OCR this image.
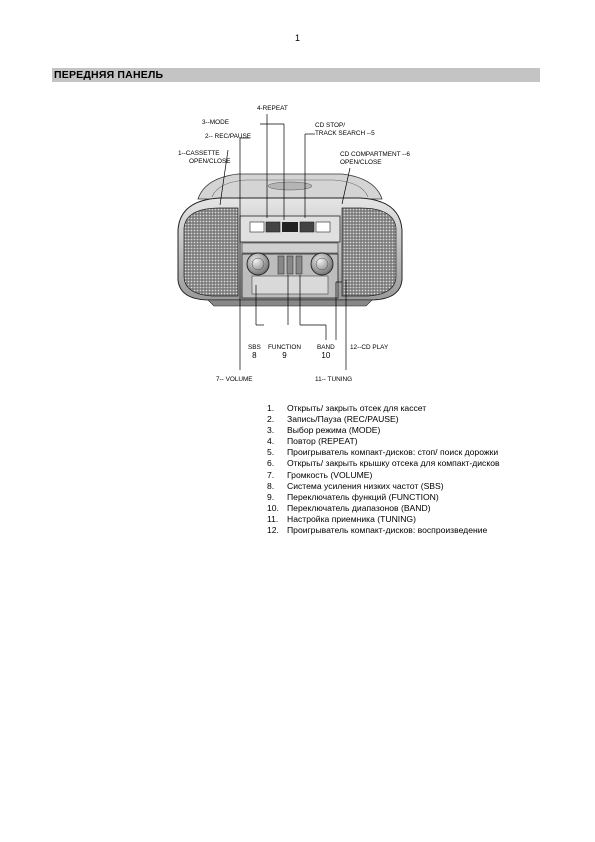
1
ПЕРЕДНЯЯ ПАНЕЛЬ
4-REPEAT
3--MODE
2-- REC/PAUSE
1--CASSETTE
OPEN/CLOSE
CD STOP/
TRACK SEARCH --5
CD COMPARTMENT --6
OPEN/CLOSE
SBS
8
FUNCTION
9
BAND
10
12--CD PLAY
7-- VOLUME	11-- TUNING
1. Открыть/ закрыть отсек для кассет
2. Запись/Пауза (REC/PAUSE)
3. Выбор режима (MODE)
4. Повтор (REPEAT)
5. Проигрыватель компакт-дисков: стоп/ поиск дорожки
6. Открыть/ закрыть крышку отсека для компакт-дисков
7. Громкость (VOLUME)
8. Система усиления низких частот (SBS)
9. Переключатель функций (FUNCTION)
10. Переключатель диапазонов (BAND)
11. Настройка приемника (TUNING)
12. Проигрыватель компакт-дисков: воспроизведение
